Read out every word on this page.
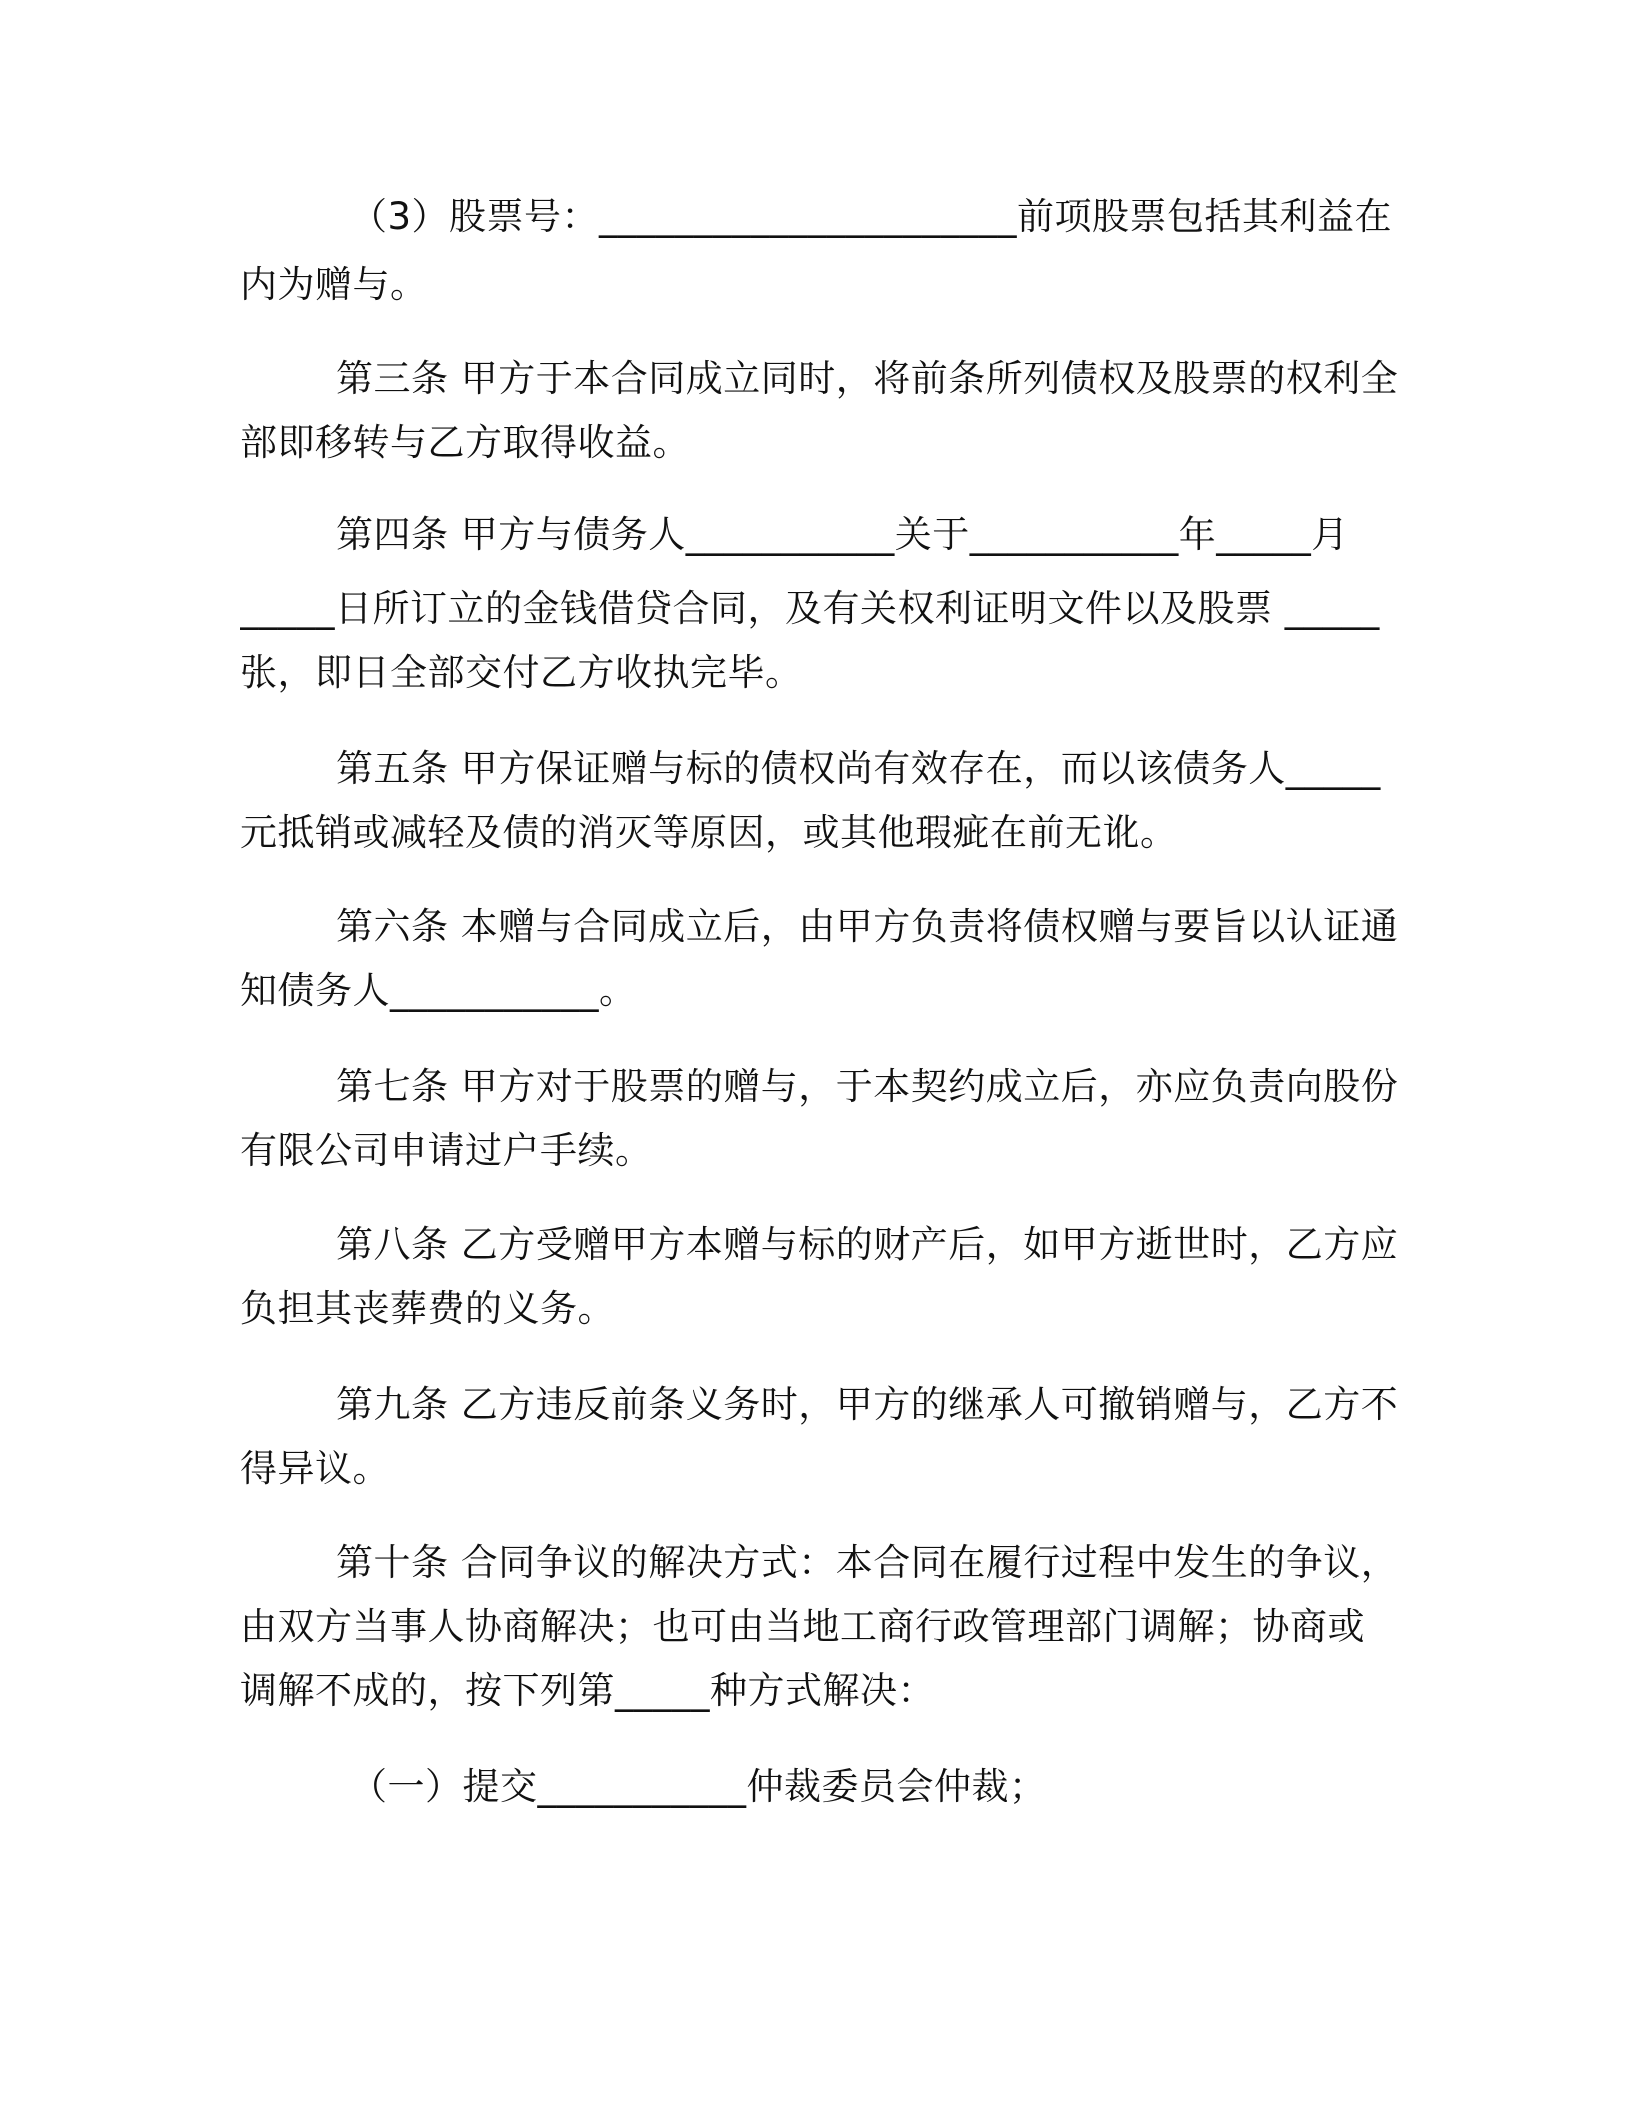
（3）股票号：______________________前项股票包括其利益在
内为赠与。
第三条 甲方于本合同成立同时，将前条所列债权及股票的权利全
部即移转与乙方取得收益。
第四条 甲方与债务人___________关于___________年_____月
_____日所订立的金钱借贷合同，及有关权利证明文件以及股票 _____
张，即日全部交付乙方收执完毕。
第五条 甲方保证赠与标的债权尚有效存在，而以该债务人_____
元抵销或减轻及债的消灭等原因，或其他瑕疵在前无讹。
第六条 本赠与合同成立后，由甲方负责将债权赠与要旨以认证通
知债务人___________。
第七条 甲方对于股票的赠与，于本契约成立后，亦应负责向股份
有限公司申请过户手续。
第八条 乙方受赠甲方本赠与标的财产后，如甲方逝世时，乙方应
负担其丧葬费的义务。
第九条 乙方违反前条义务时，甲方的继承人可撤销赠与，乙方不
得异议。
第十条 合同争议的解决方式：本合同在履行过程中发生的争议，
由双方当事人协商解决；也可由当地工商行政管理部门调解；协商或
调解不成的，按下列第_____种方式解决：
（一）提交___________仲裁委员会仲裁；
